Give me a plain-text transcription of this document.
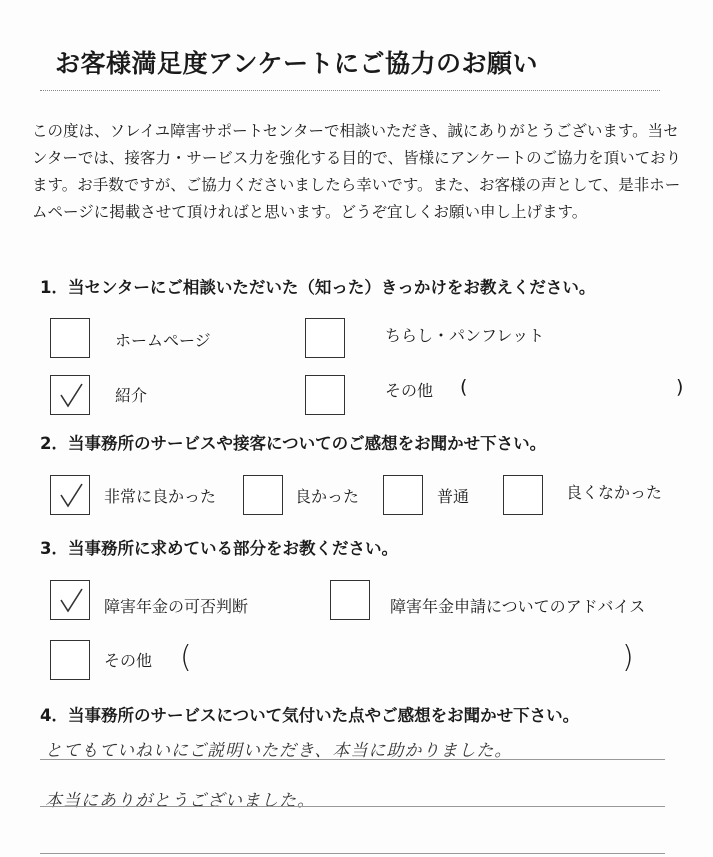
お客様満足度アンケートにご協力のお願い
この度は、ソレイユ障害サポートセンターで相談いただき、誠にありがとうございます。当センターでは、接客力・サービス力を強化する目的で、皆様にアンケートのご協力を頂いております。お手数ですが、ご協力くださいましたら幸いです。また、お客様の声として、是非ホームページに掲載させて頂ければと思います。どうぞ宜しくお願い申し上げます。
1．当センターにご相談いただいた（知った）きっかけをお教えください。
ホームページ	ちらし・パンフレット
紹介	その他 (	)
2．当事務所のサービスや接客についてのご感想をお聞かせ下さい。
非常に良かった	良かった	普通	良くなかった
3．当事務所に求めている部分をお教ください。
障害年金の可否判断	障害年金申請についてのアドバイス
その他 (	)
4．当事務所のサービスについて気付いた点やご感想をお聞かせ下さい。
とてもていねいにご説明いただき、本当に助かりました。
本当にありがとうございました。
